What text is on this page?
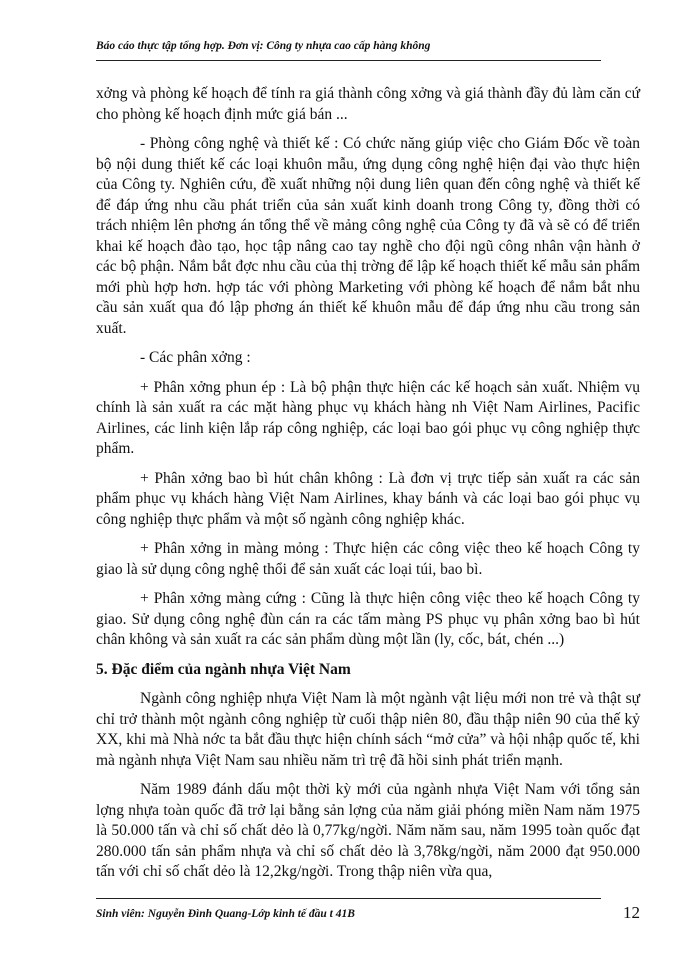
Báo cáo thực tập tổng hợp. Đơn vị: Công ty nhựa cao cấp hàng không

xởng và phòng kế hoạch để tính ra giá thành công xởng và giá thành đầy đủ làm căn cứ cho phòng kế hoạch định mức giá bán ...

- Phòng công nghệ và thiết kế : Có chức năng giúp việc cho Giám Đốc về toàn bộ nội dung thiết kế các loại khuôn mẫu, ứng dụng công nghệ hiện đại vào thực hiện của Công ty. Nghiên cứu, đề xuất những nội dung liên quan đến công nghệ và thiết kế để đáp ứng nhu cầu phát triển của sản xuất kinh doanh trong Công ty, đồng thời có trách nhiệm lên phơng án tổng thể về mảng công nghệ của Công ty đã và sẽ có để triển khai kế hoạch đào tạo, học tập nâng cao tay nghề cho đội ngũ công nhân vận hành ở các bộ phận. Nắm bắt đợc nhu cầu của thị trờng để lập kế hoạch thiết kế mẫu sản phẩm mới phù hợp hơn. hợp tác với phòng Marketing với phòng kế hoạch để nắm bắt nhu cầu sản xuất qua đó lập phơng án thiết kế khuôn mẫu để đáp ứng nhu cầu trong sản xuất.

- Các phân xởng :

+ Phân xởng phun ép : Là bộ phận thực hiện các kế hoạch sản xuất. Nhiệm vụ chính là sản xuất ra các mặt hàng phục vụ khách hàng nh Việt Nam Airlines, Pacific Airlines, các linh kiện lắp ráp công nghiệp, các loại bao gói phục vụ công nghiệp thực phẩm.

+ Phân xởng bao bì hút chân không : Là đơn vị trực tiếp sản xuất ra các sản phẩm phục vụ khách hàng Việt Nam Airlines, khay bánh và các loại bao gói phục vụ công nghiệp thực phẩm và một số ngành công nghiệp khác.

+ Phân xởng in màng mỏng : Thực hiện các công việc theo kế hoạch Công ty giao là sử dụng công nghệ thổi để sản xuất các loại túi, bao bì.

+ Phân xởng màng cứng : Cũng là thực hiện công việc theo kế hoạch Công ty giao. Sử dụng công nghệ đùn cán ra các tấm màng PS phục vụ phân xởng bao bì hút chân không và sản xuất ra các sản phẩm dùng một lần (ly, cốc, bát, chén ...)

5. Đặc điểm của ngành nhựa Việt Nam

Ngành công nghiệp nhựa Việt Nam là một ngành vật liệu mới non trẻ và thật sự chỉ trở thành một ngành công nghiệp từ cuối thập niên 80, đầu thập niên 90 của thế kỷ XX, khi mà Nhà nớc ta bắt đầu thực hiện chính sách “mở cửa” và hội nhập quốc tế, khi mà ngành nhựa Việt Nam sau nhiều năm trì trệ đã hồi sinh phát triển mạnh.

Năm 1989 đánh dấu một thời kỳ mới của ngành nhựa Việt Nam với tổng sản lợng nhựa toàn quốc đã trở lại bằng sản lợng của năm giải phóng miền Nam năm 1975 là 50.000 tấn và chỉ số chất dẻo là 0,77kg/ngời. Năm năm sau, năm 1995 toàn quốc đạt 280.000 tấn sản phẩm nhựa và chỉ số chất dẻo là 3,78kg/ngời, năm 2000 đạt 950.000 tấn với chỉ số chất dẻo là 12,2kg/ngời. Trong thập niên vừa qua,

Sinh viên: Nguyễn Đình Quang-Lớp kinh tế đầu t 41B	12
